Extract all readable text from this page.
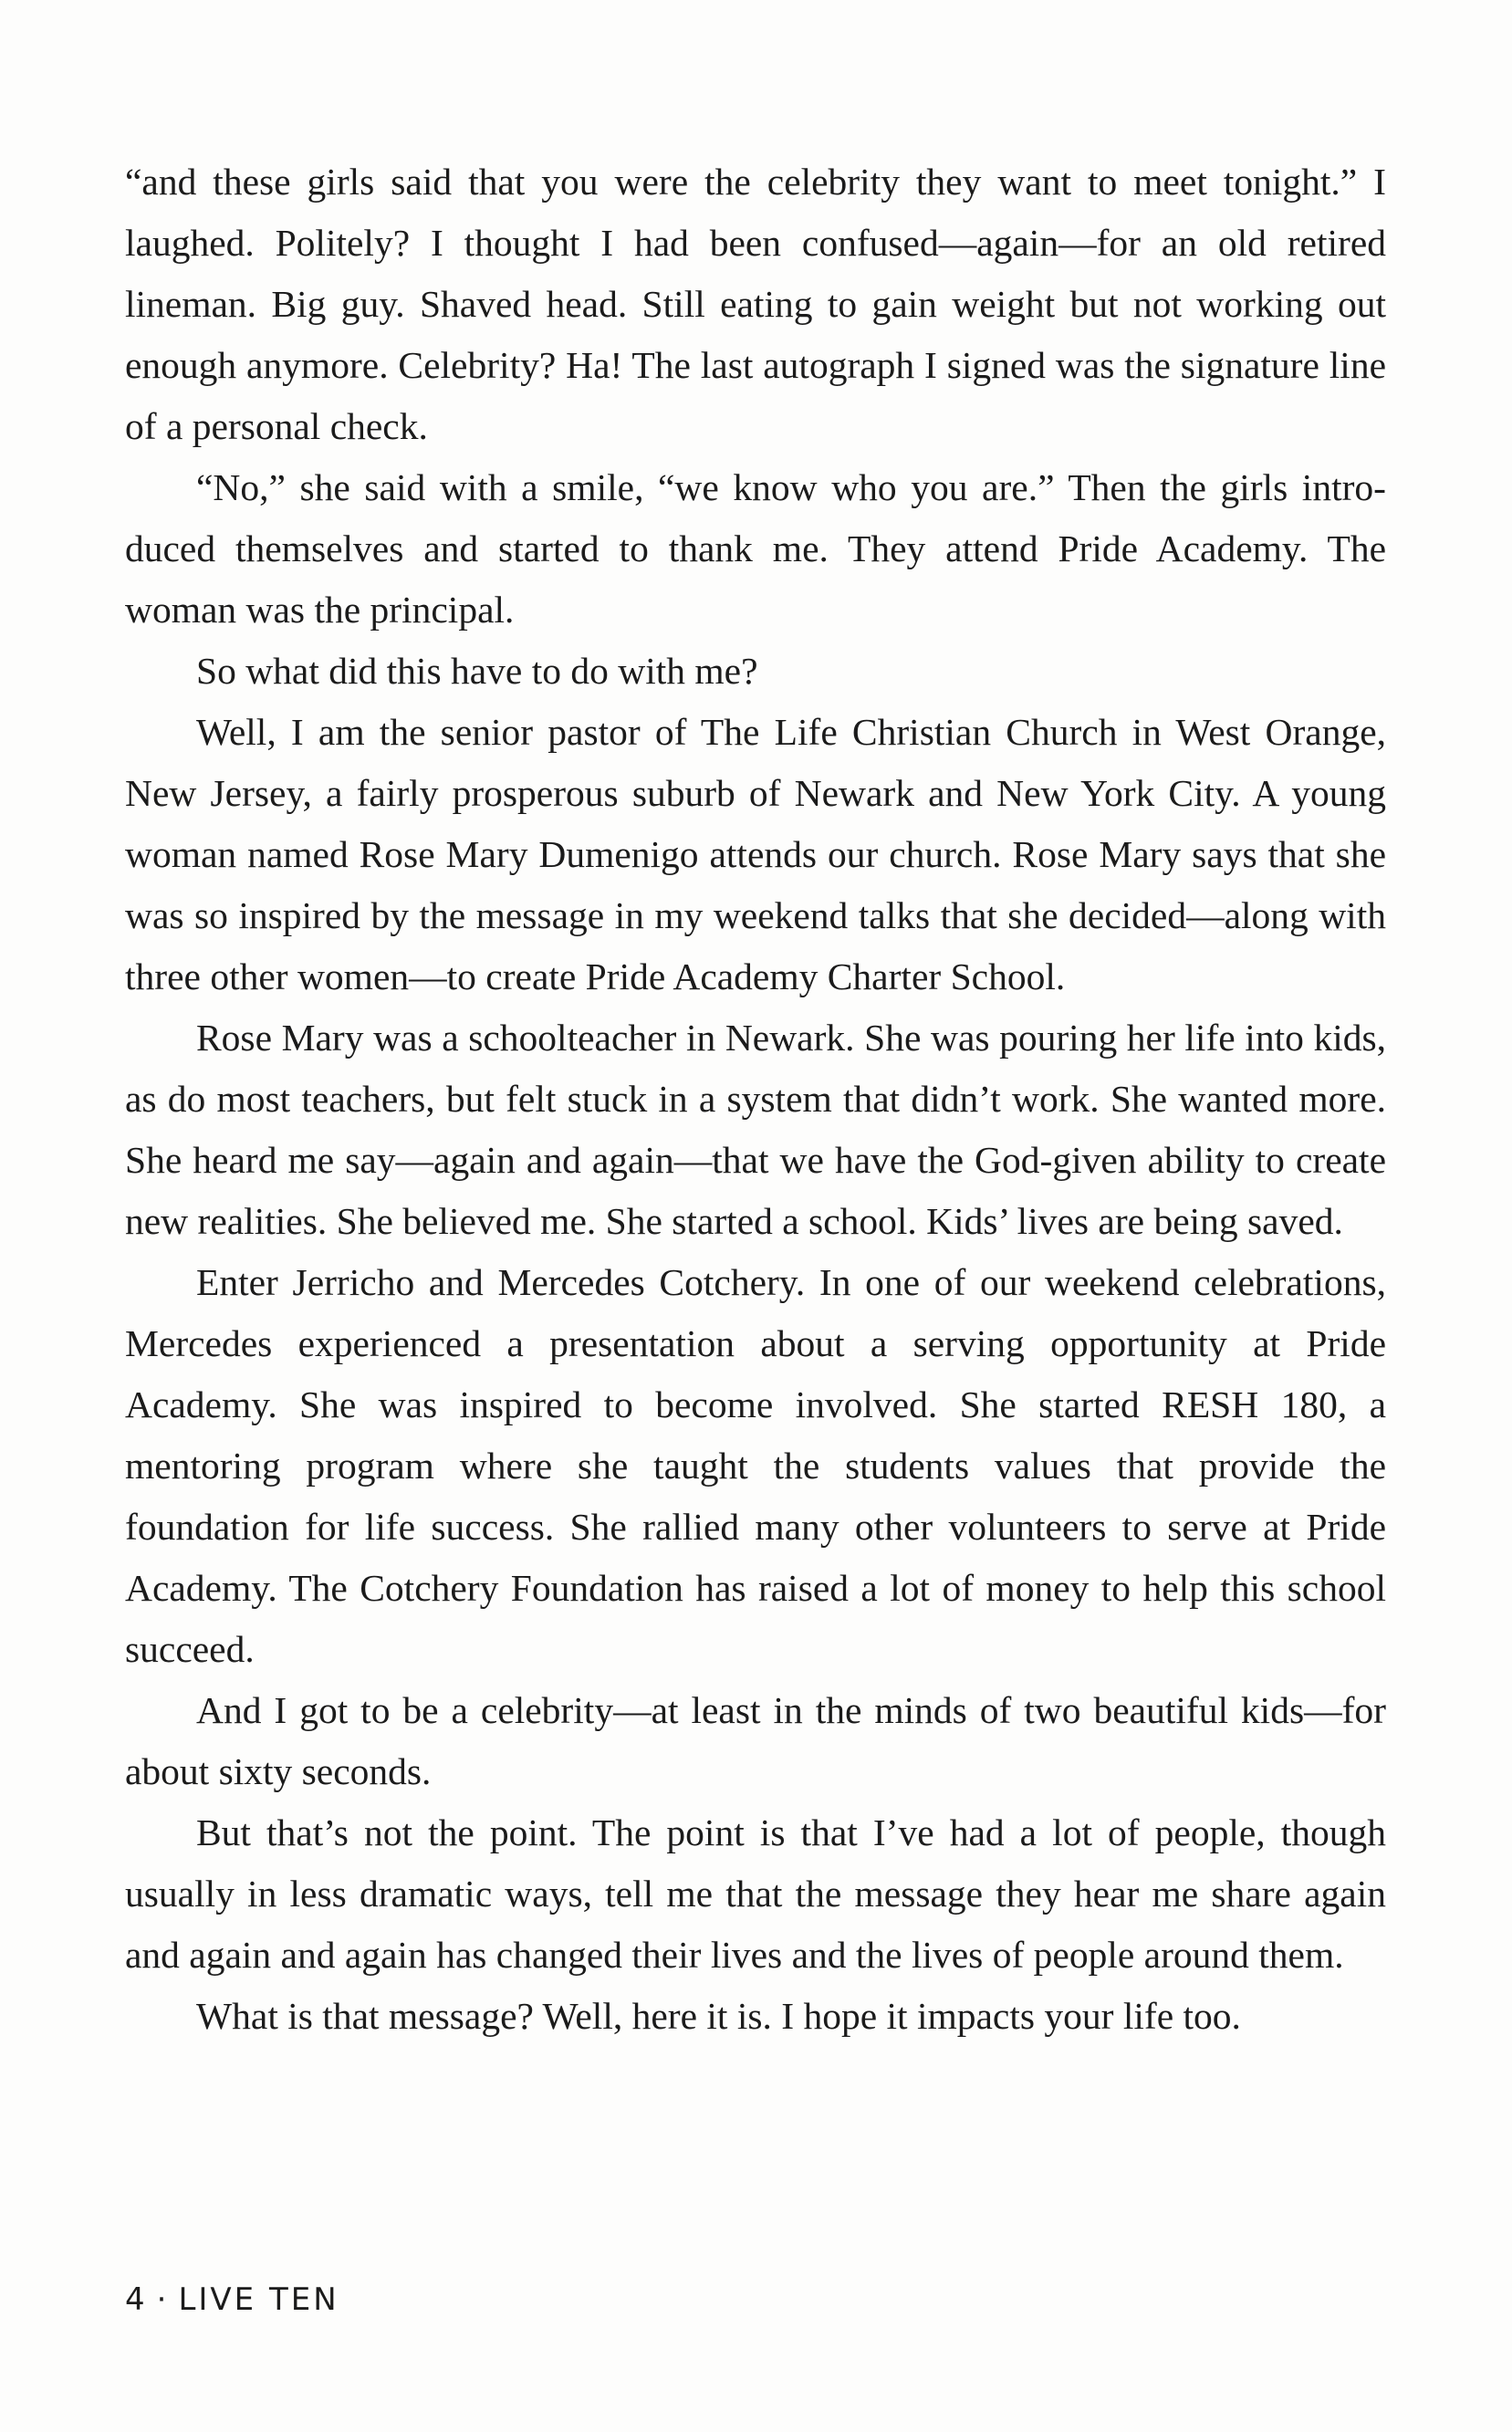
“and these girls said that you were the celebrity they want to meet tonight.” I laughed. Politely? I thought I had been confused—again—for an old retired lineman. Big guy. Shaved head. Still eating to gain weight but not working out enough anymore. Celebrity? Ha! The last autograph I signed was the signature line of a personal check.

“No,” she said with a smile, “we know who you are.” Then the girls introduced themselves and started to thank me. They attend Pride Academy. The woman was the principal.

So what did this have to do with me?

Well, I am the senior pastor of The Life Christian Church in West Orange, New Jersey, a fairly prosperous suburb of Newark and New York City. A young woman named Rose Mary Dumenigo attends our church. Rose Mary says that she was so inspired by the message in my weekend talks that she decided—along with three other women—to create Pride Academy Charter School.

Rose Mary was a schoolteacher in Newark. She was pouring her life into kids, as do most teachers, but felt stuck in a system that didn’t work. She wanted more. She heard me say—again and again—that we have the God-given ability to create new realities. She believed me. She started a school. Kids’ lives are being saved.

Enter Jerricho and Mercedes Cotchery. In one of our weekend celebrations, Mercedes experienced a presentation about a serving opportunity at Pride Academy. She was inspired to become involved. She started RESH 180, a mentoring program where she taught the students values that provide the foundation for life success. She rallied many other volunteers to serve at Pride Academy. The Cotchery Foundation has raised a lot of money to help this school succeed.

And I got to be a celebrity—at least in the minds of two beautiful kids—for about sixty seconds.

But that’s not the point. The point is that I’ve had a lot of people, though usually in less dramatic ways, tell me that the message they hear me share again and again and again has changed their lives and the lives of people around them.

What is that message? Well, here it is. I hope it impacts your life too.

4 · LIVE TEN
